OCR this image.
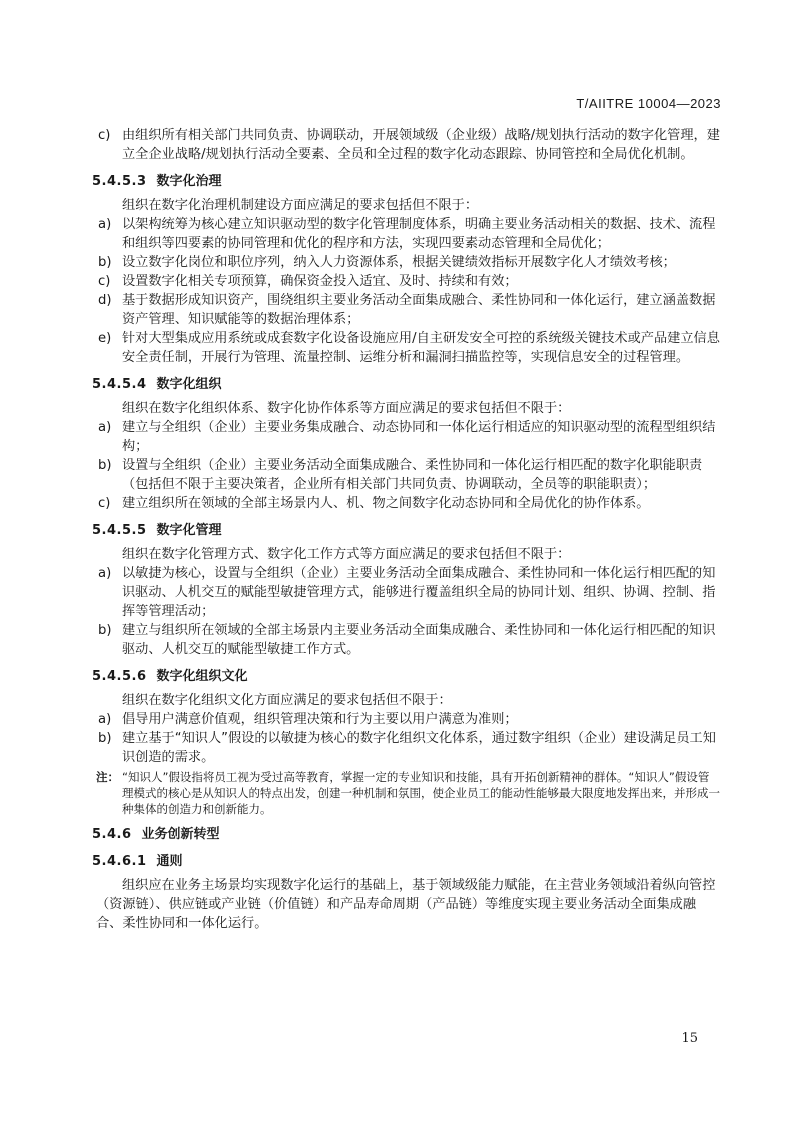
T/AIITRE 10004—2023
c) 由组织所有相关部门共同负责、协调联动，开展领域级（企业级）战略/规划执行活动的数字化管理，建立全企业战略/规划执行活动全要素、全员和全过程的数字化动态跟踪、协同管控和全局优化机制。
5.4.5.3 数字化治理

组织在数字化治理机制建设方面应满足的要求包括但不限于：

a) 以架构统筹为核心建立知识驱动型的数字化管理制度体系，明确主要业务活动相关的数据、技术、流程和组织等四要素的协同管理和优化的程序和方法，实现四要素动态管理和全局优化；
b) 设立数字化岗位和职位序列，纳入人力资源体系，根据关键绩效指标开展数字化人才绩效考核；
c) 设置数字化相关专项预算，确保资金投入适宜、及时、持续和有效；
d) 基于数据形成知识资产，围绕组织主要业务活动全面集成融合、柔性协同和一体化运行，建立涵盖数据资产管理、知识赋能等的数据治理体系；
e) 针对大型集成应用系统或成套数字化设备设施应用/自主研发安全可控的系统级关键技术或产品建立信息安全责任制，开展行为管理、流量控制、运维分析和漏洞扫描监控等，实现信息安全的过程管理。
5.4.5.4 数字化组织

组织在数字化组织体系、数字化协作体系等方面应满足的要求包括但不限于：

a) 建立与全组织（企业）主要业务集成融合、动态协同和一体化运行相适应的知识驱动型的流程型组织结构；
b) 设置与全组织（企业）主要业务活动全面集成融合、柔性协同和一体化运行相匹配的数字化职能职责（包括但不限于主要决策者，企业所有相关部门共同负责、协调联动，全员等的职能职责）；
c) 建立组织所在领域的全部主场景内人、机、物之间数字化动态协同和全局优化的协作体系。
5.4.5.5 数字化管理

组织在数字化管理方式、数字化工作方式等方面应满足的要求包括但不限于：

a) 以敏捷为核心，设置与全组织（企业）主要业务活动全面集成融合、柔性协同和一体化运行相匹配的知识驱动、人机交互的赋能型敏捷管理方式，能够进行覆盖组织全局的协同计划、组织、协调、控制、指挥等管理活动；
b) 建立与组织所在领域的全部主场景内主要业务活动全面集成融合、柔性协同和一体化运行相匹配的知识驱动、人机交互的赋能型敏捷工作方式。
5.4.5.6 数字化组织文化

组织在数字化组织文化方面应满足的要求包括但不限于：

a) 倡导用户满意价值观，组织管理决策和行为主要以用户满意为准则；
b) 建立基于“知识人”假设的以敏捷为核心的数字化组织文化体系，通过数字组织（企业）建设满足员工知识创造的需求。
注： “知识人”假设指将员工视为受过高等教育，掌握一定的专业知识和技能，具有开拓创新精神的群体。“知识人”假设管理模式的核心是从知识人的特点出发，创建一种机制和氛围，使企业员工的能动性能够最大限度地发挥出来，并形成一种集体的创造力和创新能力。
5.4.6 业务创新转型
5.4.6.1 通则

组织应在业务主场景均实现数字化运行的基础上，基于领域级能力赋能，在主营业务领域沿着纵向管控（资源链）、供应链或产业链（价值链）和产品寿命周期（产品链）等维度实现主要业务活动全面集成融合、柔性协同和一体化运行。

15
